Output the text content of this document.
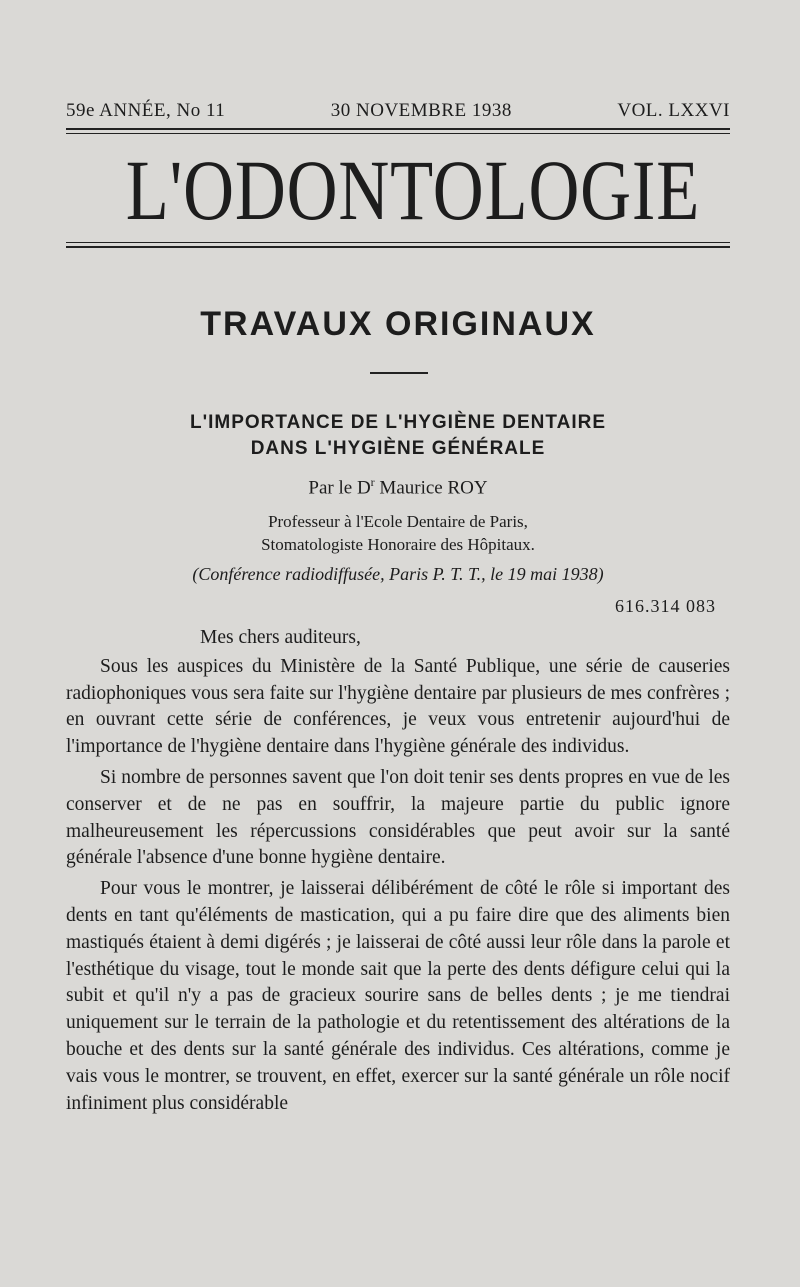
59e ANNÉE, No 11	30 NOVEMBRE 1938	VOL. LXXVI
L'ODONTOLOGIE
TRAVAUX ORIGINAUX
L'IMPORTANCE DE L'HYGIÈNE DENTAIRE
DANS L'HYGIÈNE GÉNÉRALE
Par le $D^r$ Maurice ROY
Professeur à l'Ecole Dentaire de Paris,
Stomatologiste Honoraire des Hôpitaux.
(Conférence radiodiffusée, Paris P. T. T., le 19 mai 1938)
616.314 083

Mes chers auditeurs,

Sous les auspices du Ministère de la Santé Publique, une série de causeries radiophoniques vous sera faite sur l'hygiène dentaire par plusieurs de mes confrères ; en ouvrant cette série de conférences, je veux vous entretenir aujourd'hui de l'importance de l'hygiène dentaire dans l'hygiène générale des individus.

Si nombre de personnes savent que l'on doit tenir ses dents propres en vue de les conserver et de ne pas en souffrir, la majeure partie du public ignore malheureusement les répercussions considérables que peut avoir sur la santé générale l'absence d'une bonne hygiène dentaire.

Pour vous le montrer, je laisserai délibérément de côté le rôle si important des dents en tant qu'éléments de mastication, qui a pu faire dire que des aliments bien mastiqués étaient à demi digérés ; je laisserai de côté aussi leur rôle dans la parole et l'esthétique du visage, tout le monde sait que la perte des dents défigure celui qui la subit et qu'il n'y a pas de gracieux sourire sans de belles dents ; je me tiendrai uniquement sur le terrain de la pathologie et du retentissement des altérations de la bouche et des dents sur la santé générale des individus. Ces altérations, comme je vais vous le montrer, se trouvent, en effet, exercer sur la santé générale un rôle nocif infiniment plus considérable
